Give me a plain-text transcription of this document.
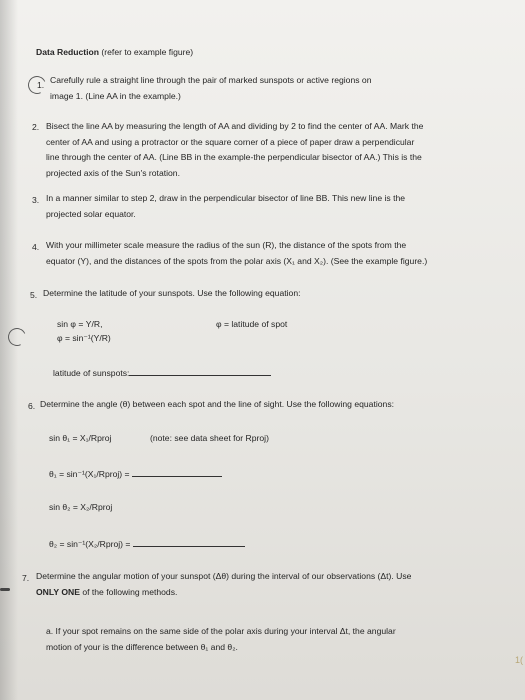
Data Reduction (refer to example figure)
1. Carefully rule a straight line through the pair of marked sunspots or active regions on
image 1. (Line AA in the example.)
2. Bisect the line AA by measuring the length of AA and dividing by 2 to find the center of AA. Mark the
center of AA and using a protractor or the square corner of a piece of paper draw a perpendicular
line through the center of AA. (Line BB in the example-the perpendicular bisector of AA.) This is the
projected axis of the Sun's rotation.
3. In a manner similar to step 2, draw in the perpendicular bisector of line BB. This new line is the
projected solar equator.
4. With your millimeter scale measure the radius of the sun (R), the distance of the spots from the
equator (Y), and the distances of the spots from the polar axis (X₁ and X₂). (See the example figure.)
5. Determine the latitude of your sunspots. Use the following equation:
sin φ = Y/R,	φ = latitude of spot
φ = sin⁻¹(Y/R)
latitude of sunspots:
6. Determine the angle (θ) between each spot and the line of sight. Use the following equations:
sin θ₁ = X₁/Rproj	(note: see data sheet for Rproj)
θ₁ = sin⁻¹(X₁/Rproj) =
sin θ₂ = X₂/Rproj
θ₂ = sin⁻¹(X₂/Rproj) =
7. Determine the angular motion of your sunspot (Δθ) during the interval of our observations (Δt). Use
ONLY ONE of the following methods.
a. If your spot remains on the same side of the polar axis during your interval Δt, the angular
motion of your is the difference between θ₁ and θ₂.
1(
